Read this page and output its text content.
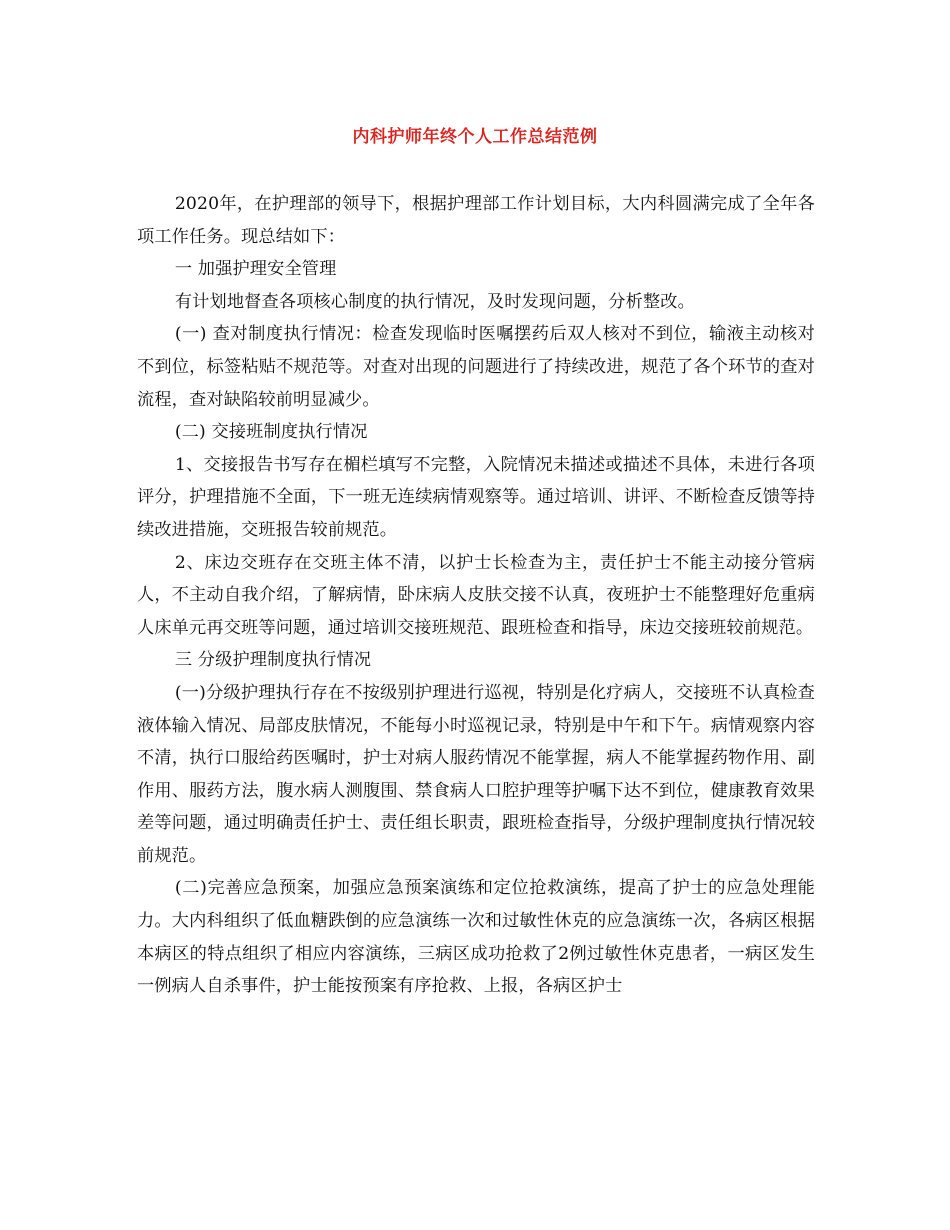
内科护师年终个人工作总结范例

2020年，在护理部的领导下，根据护理部工作计划目标，大内科圆满完成了全年各项工作任务。现总结如下：

一 加强护理安全管理

有计划地督查各项核心制度的执行情况，及时发现问题，分析整改。

(一) 查对制度执行情况：检查发现临时医嘱摆药后双人核对不到位，输液主动核对不到位，标签粘贴不规范等。对查对出现的问题进行了持续改进，规范了各个环节的查对流程，查对缺陷较前明显减少。

(二) 交接班制度执行情况

1、交接报告书写存在楣栏填写不完整，入院情况未描述或描述不具体，未进行各项评分，护理措施不全面，下一班无连续病情观察等。通过培训、讲评、不断检查反馈等持续改进措施，交班报告较前规范。

2、床边交班存在交班主体不清，以护士长检查为主，责任护士不能主动接分管病人，不主动自我介绍，了解病情，卧床病人皮肤交接不认真，夜班护士不能整理好危重病人床单元再交班等问题，通过培训交接班规范、跟班检查和指导，床边交接班较前规范。

三 分级护理制度执行情况

(一)分级护理执行存在不按级别护理进行巡视，特别是化疗病人，交接班不认真检查液体输入情况、局部皮肤情况，不能每小时巡视记录，特别是中午和下午。病情观察内容不清，执行口服给药医嘱时，护士对病人服药情况不能掌握，病人不能掌握药物作用、副作用、服药方法，腹水病人测腹围、禁食病人口腔护理等护嘱下达不到位，健康教育效果差等问题，通过明确责任护士、责任组长职责，跟班检查指导，分级护理制度执行情况较前规范。

(二)完善应急预案，加强应急预案演练和定位抢救演练，提高了护士的应急处理能力。大内科组织了低血糖跌倒的应急演练一次和过敏性休克的应急演练一次，各病区根据本病区的特点组织了相应内容演练，三病区成功抢救了2例过敏性休克患者，一病区发生一例病人自杀事件，护士能按预案有序抢救、上报，各病区护士
